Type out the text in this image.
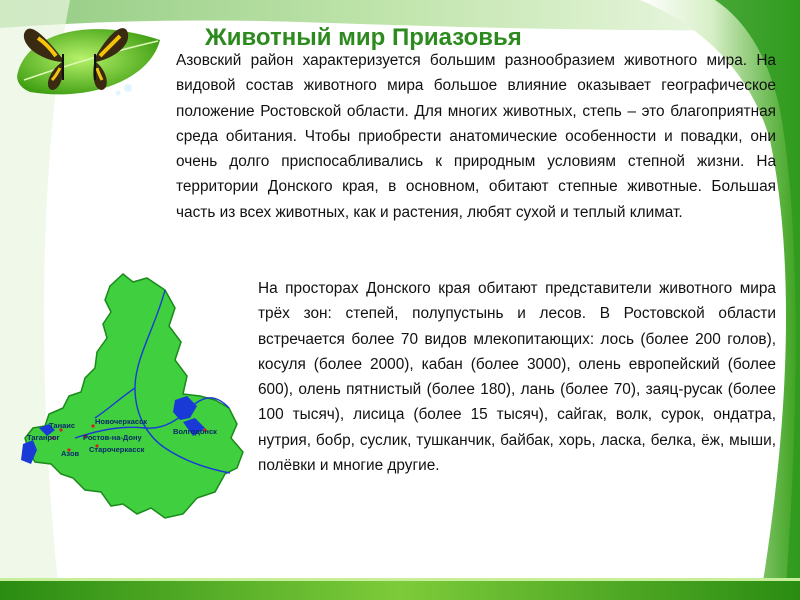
Животный мир Приазовья

Азовский район характеризуется большим разнообразием животного мира. На видовой состав животного мира большое влияние оказывает географическое положение Ростовской области. Для многих животных, степь – это благоприятная среда обитания. Чтобы приобрести анатомические особенности и повадки, они очень долго приспосабливались к природным условиям степной жизни. На территории Донского края, в основном, обитают степные животные. Большая часть из всех животных, как и растения, любят сухой и теплый климат.

Танаис	Новочеркасск
Таганрог	Ростов-на-Дону
Азов Старочеркасск
Волгодонск

На просторах Донского края обитают представители животного мира трёх зон: степей, полупустынь и лесов. В Ростовской области встречается более 70 видов млекопитающих: лось (более 200 голов), косуля (более 2000), кабан (более 3000), олень европейский (более 600), олень пятнистый (более 180), лань (более 70), заяц-русак (более 100 тысяч), лисица (более 15 тысяч), сайгак, волк, сурок, ондатра, нутрия, бобр, суслик, тушканчик, байбак, хорь, ласка, белка, ёж, мыши, полёвки и многие другие.
